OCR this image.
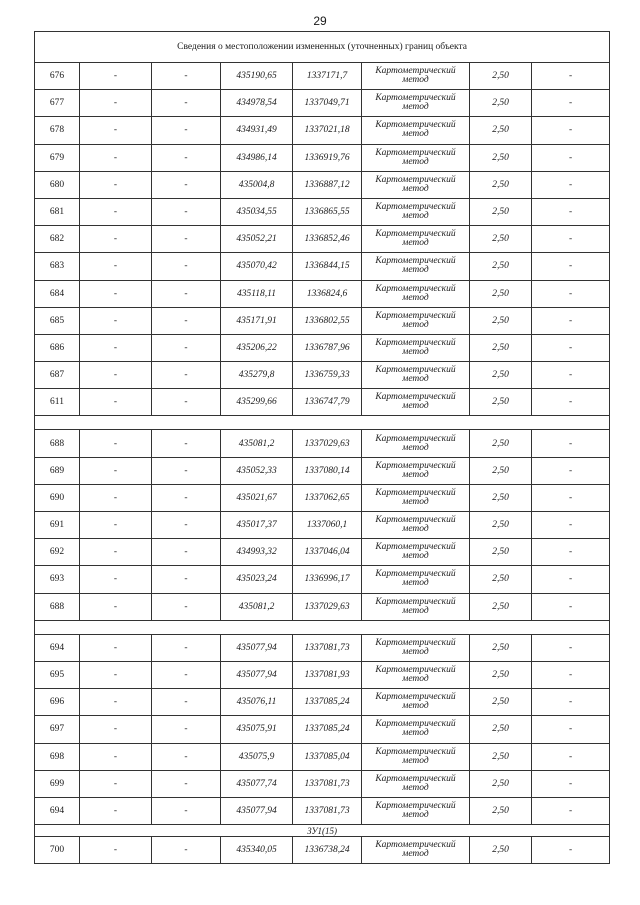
29
Сведения о местоположении измененных (уточненных) границ объекта							
676	-	-	435190,65	1337171,7	Картометрический
метод	2,50	-
677	-	-	434978,54	1337049,71	Картометрический
метод	2,50	-
678	-	-	434931,49	1337021,18	Картометрический
метод	2,50	-
679	-	-	434986,14	1336919,76	Картометрический
метод	2,50	-
680	-	-	435004,8	1336887,12	Картометрический
метод	2,50	-
681	-	-	435034,55	1336865,55	Картометрический
метод	2,50	-
682	-	-	435052,21	1336852,46	Картометрический
метод	2,50	-
683	-	-	435070,42	1336844,15	Картометрический
метод	2,50	-
684	-	-	435118,11	1336824,6	Картометрический
метод	2,50	-
685	-	-	435171,91	1336802,55	Картометрический
метод	2,50	-
686	-	-	435206,22	1336787,96	Картометрический
метод	2,50	-
687	-	-	435279,8	1336759,33	Картометрический
метод	2,50	-
611	-	-	435299,66	1336747,79	Картометрический
метод	2,50	-

688	-	-	435081,2	1337029,63	Картометрический
метод	2,50	-
689	-	-	435052,33	1337080,14	Картометрический
метод	2,50	-
690	-	-	435021,67	1337062,65	Картометрический
метод	2,50	-
691	-	-	435017,37	1337060,1	Картометрический
метод	2,50	-
692	-	-	434993,32	1337046,04	Картометрический
метод	2,50	-
693	-	-	435023,24	1336996,17	Картометрический
метод	2,50	-
688	-	-	435081,2	1337029,63	Картометрический
метод	2,50	-

694	-	-	435077,94	1337081,73	Картометрический
метод	2,50	-
695	-	-	435077,94	1337081,93	Картометрический
метод	2,50	-
696	-	-	435076,11	1337085,24	Картометрический
метод	2,50	-
697	-	-	435075,91	1337085,24	Картометрический
метод	2,50	-
698	-	-	435075,9	1337085,04	Картометрический
метод	2,50	-
699	-	-	435077,74	1337081,73	Картометрический
метод	2,50	-
694	-	-	435077,94	1337081,73	Картометрический
метод	2,50	-
ЗУ1(15)							
700	-	-	435340,05	1336738,24	Картометрический
метод	2,50	-
